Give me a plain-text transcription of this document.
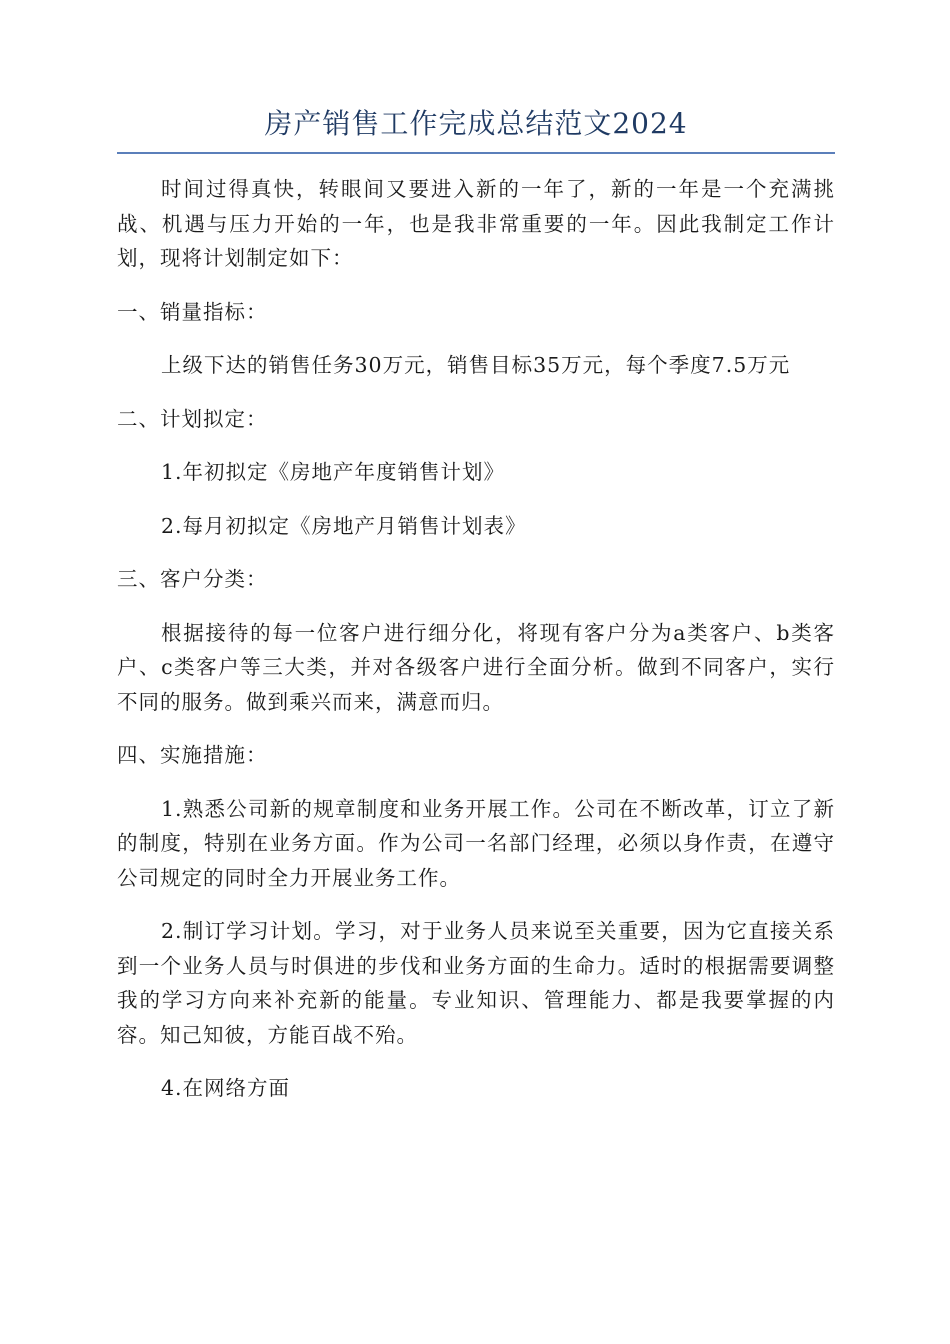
房产销售工作完成总结范文2024

时间过得真快，转眼间又要进入新的一年了，新的一年是一个充满挑战、机遇与压力开始的一年，也是我非常重要的一年。因此我制定工作计划，现将计划制定如下：

一、销量指标：

上级下达的销售任务30万元，销售目标35万元，每个季度7.5万元

二、计划拟定：

1.年初拟定《房地产年度销售计划》

2.每月初拟定《房地产月销售计划表》

三、客户分类：

根据接待的每一位客户进行细分化，将现有客户分为a类客户、b类客户、c类客户等三大类，并对各级客户进行全面分析。做到不同客户，实行不同的服务。做到乘兴而来，满意而归。

四、实施措施：

1.熟悉公司新的规章制度和业务开展工作。公司在不断改革，订立了新的制度，特别在业务方面。作为公司一名部门经理，必须以身作责，在遵守公司规定的同时全力开展业务工作。

2.制订学习计划。学习，对于业务人员来说至关重要，因为它直接关系到一个业务人员与时俱进的步伐和业务方面的生命力。适时的根据需要调整我的学习方向来补充新的能量。专业知识、管理能力、都是我要掌握的内容。知己知彼，方能百战不殆。

4.在网络方面
